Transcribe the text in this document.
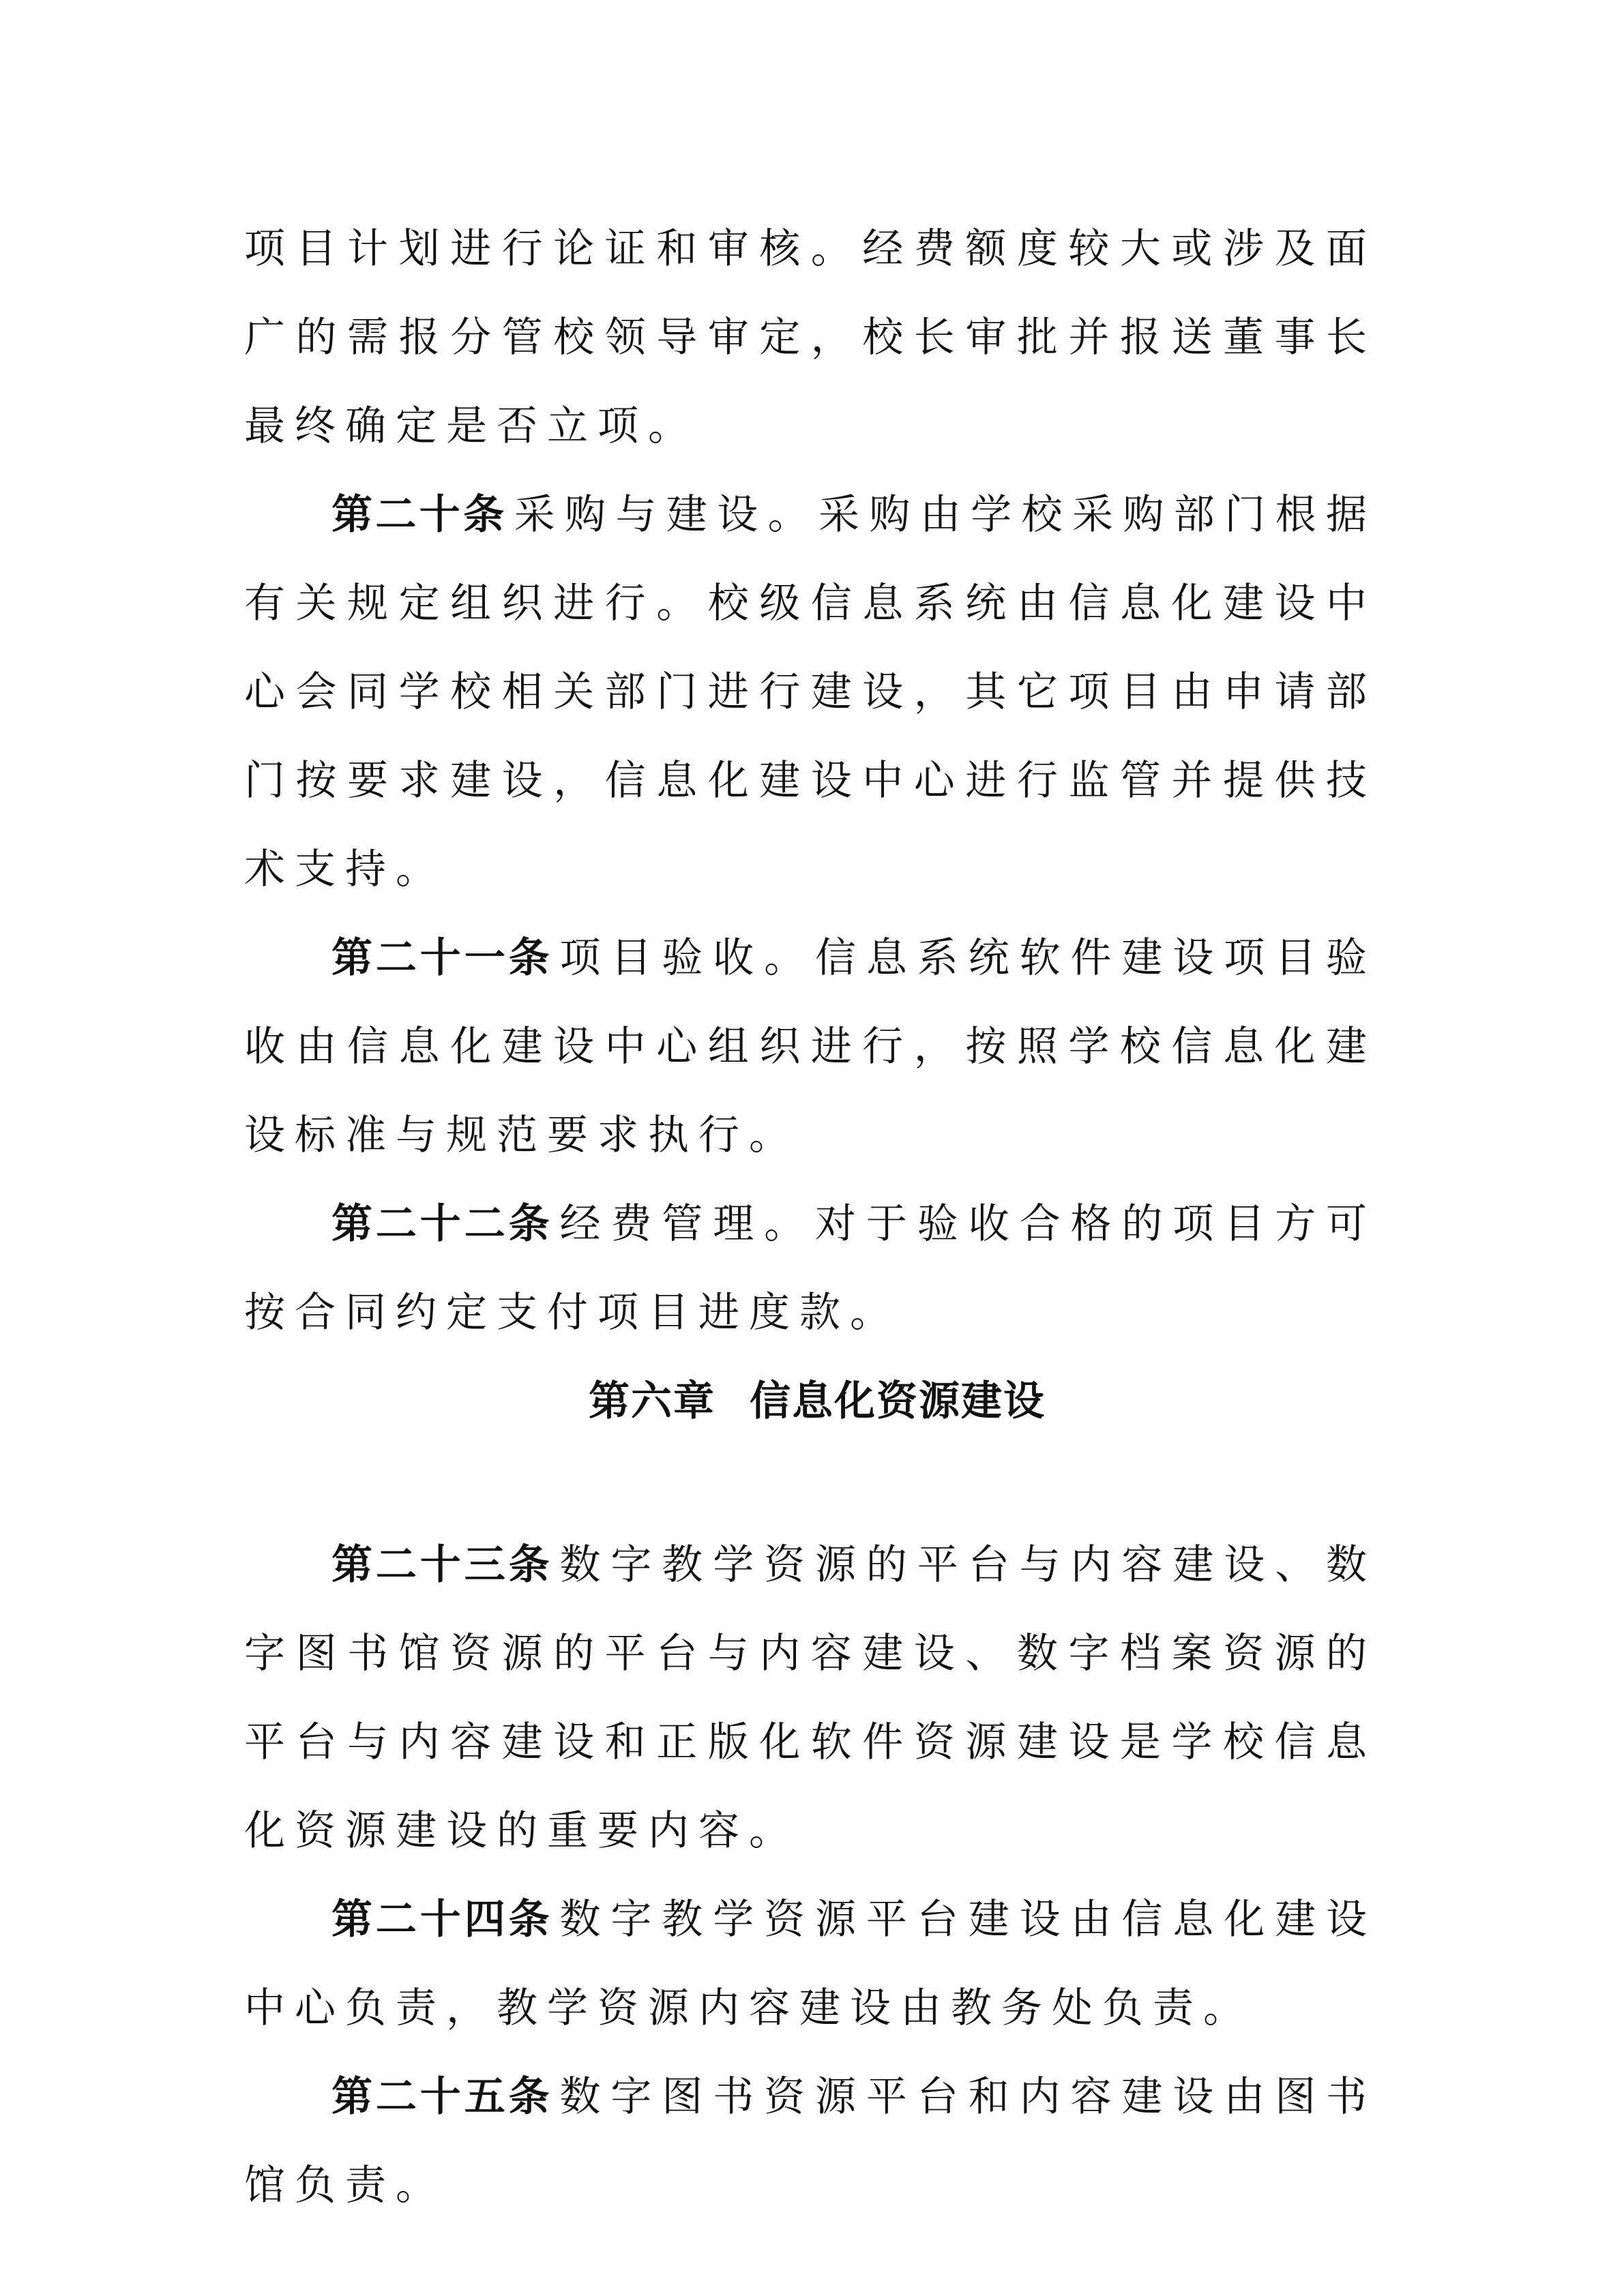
项目计划进行论证和审核。经费额度较大或涉及面广的需报分管校领导审定，校长审批并报送董事长最终确定是否立项。

第二十条 采购与建设。采购由学校采购部门根据有关规定组织进行。校级信息系统由信息化建设中心会同学校相关部门进行建设，其它项目由申请部门按要求建设，信息化建设中心进行监管并提供技术支持。

第二十一条 项目验收。信息系统软件建设项目验收由信息化建设中心组织进行，按照学校信息化建设标准与规范要求执行。

第二十二条 经费管理。对于验收合格的项目方可按合同约定支付项目进度款。

第六章 信息化资源建设

第二十三条 数字教学资源的平台与内容建设、数字图书馆资源的平台与内容建设、数字档案资源的平台与内容建设和正版化软件资源建设是学校信息化资源建设的重要内容。

第二十四条 数字教学资源平台建设由信息化建设中心负责，教学资源内容建设由教务处负责。

第二十五条 数字图书资源平台和内容建设由图书馆负责。
